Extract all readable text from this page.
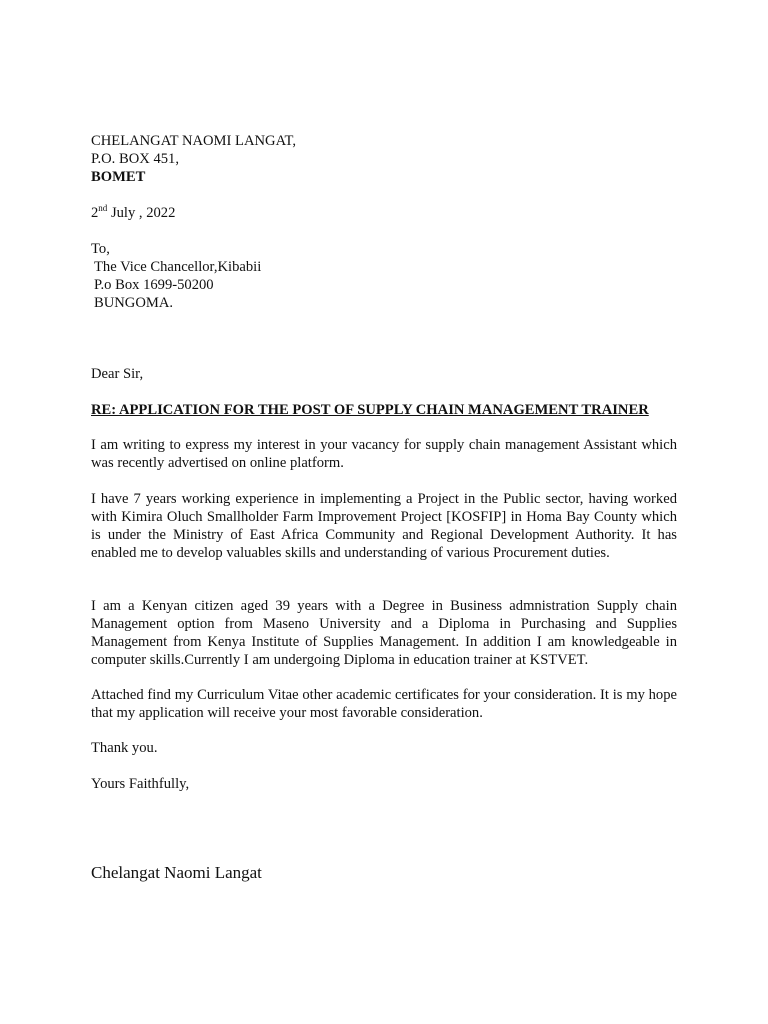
CHELANGAT NAOMI LANGAT,
P.O. BOX 451,
BOMET
2nd July , 2022
To,
The Vice Chancellor,Kibabii
P.o Box 1699-50200
BUNGOMA.
Dear Sir,
RE: APPLICATION FOR THE POST OF SUPPLY CHAIN MANAGEMENT TRAINER

I am writing to express my interest in your vacancy for supply chain management Assistant which was recently advertised on online platform.

I have 7 years working experience in implementing a Project in the Public sector, having worked with Kimira Oluch Smallholder Farm Improvement Project [KOSFIP] in Homa Bay County which is under the Ministry of East Africa Community and Regional Development Authority. It has enabled me to develop valuables skills and understanding of various Procurement duties.

I am a Kenyan citizen aged 39 years with a Degree in Business admnistration Supply chain Management option from Maseno University and a Diploma in Purchasing and Supplies Management from Kenya Institute of Supplies Management. In addition I am knowledgeable in computer skills.Currently I am undergoing Diploma in education trainer at KSTVET.

Attached find my Curriculum Vitae other academic certificates for your consideration. It is my hope that my application will receive your most favorable consideration.

Thank you.
Yours Faithfully,
Chelangat Naomi Langat
